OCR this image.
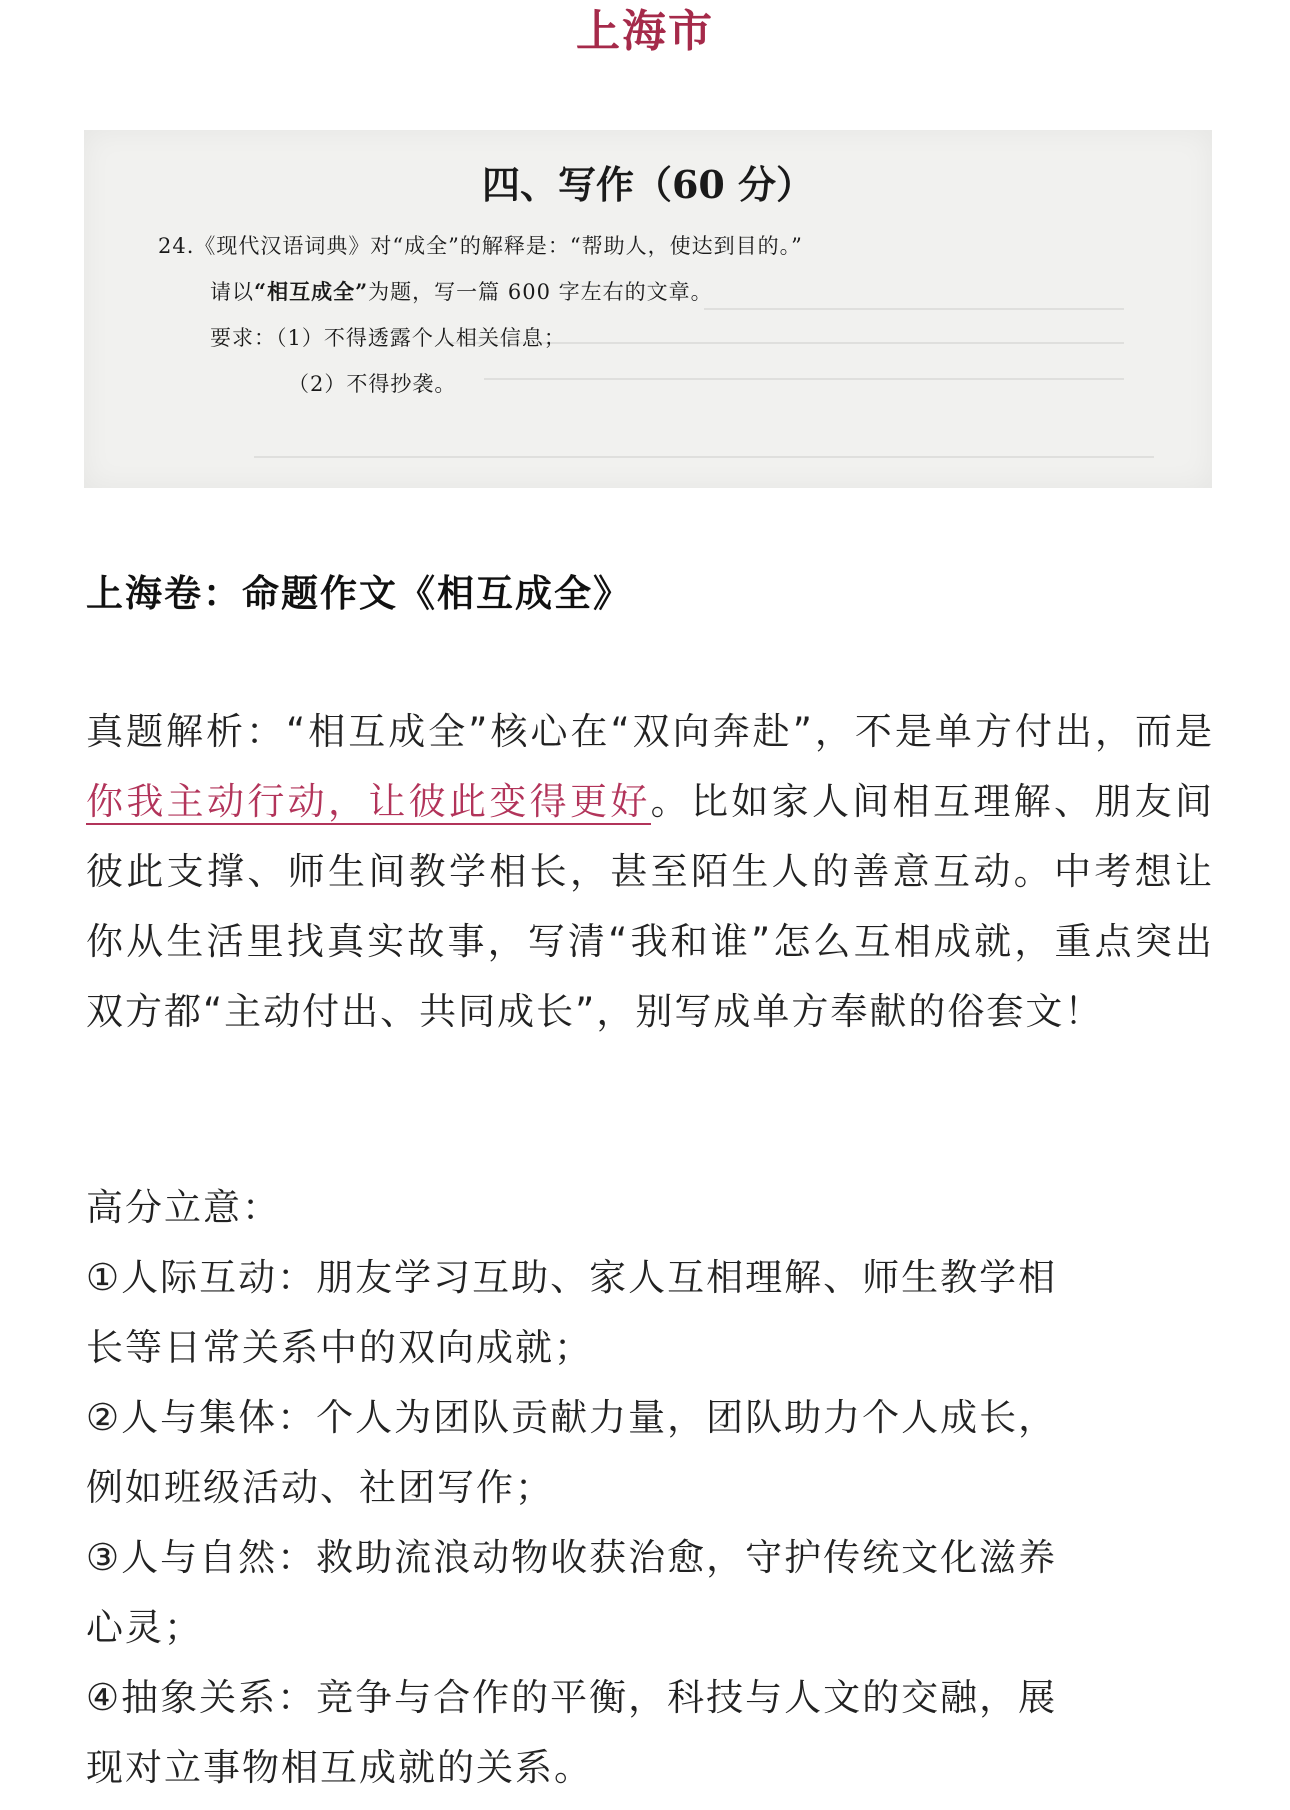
上海市
四、写作（60 分）
24.《现代汉语词典》对“成全”的解释是：“帮助人，使达到目的。”
请以“相互成全”为题，写一篇 600 字左右的文章。
要求：（1）不得透露个人相关信息；
（2）不得抄袭。
上海卷：命题作文《相互成全》
真题解析：“相互成全”核心在“双向奔赴”，不是单方付出，而是你我主动行动，让彼此变得更好。比如家人间相互理解、朋友间彼此支撑、师生间教学相长，甚至陌生人的善意互动。中考想让你从生活里找真实故事，写清“我和谁”怎么互相成就，重点突出双方都“主动付出、共同成长”，别写成单方奉献的俗套文！
高分立意：
①人际互动：朋友学习互助、家人互相理解、师生教学相
长等日常关系中的双向成就；
②人与集体：个人为团队贡献力量，团队助力个人成长，
例如班级活动、社团写作；
③人与自然：救助流浪动物收获治愈，守护传统文化滋养
心灵；
④抽象关系：竞争与合作的平衡，科技与人文的交融，展
现对立事物相互成就的关系。
